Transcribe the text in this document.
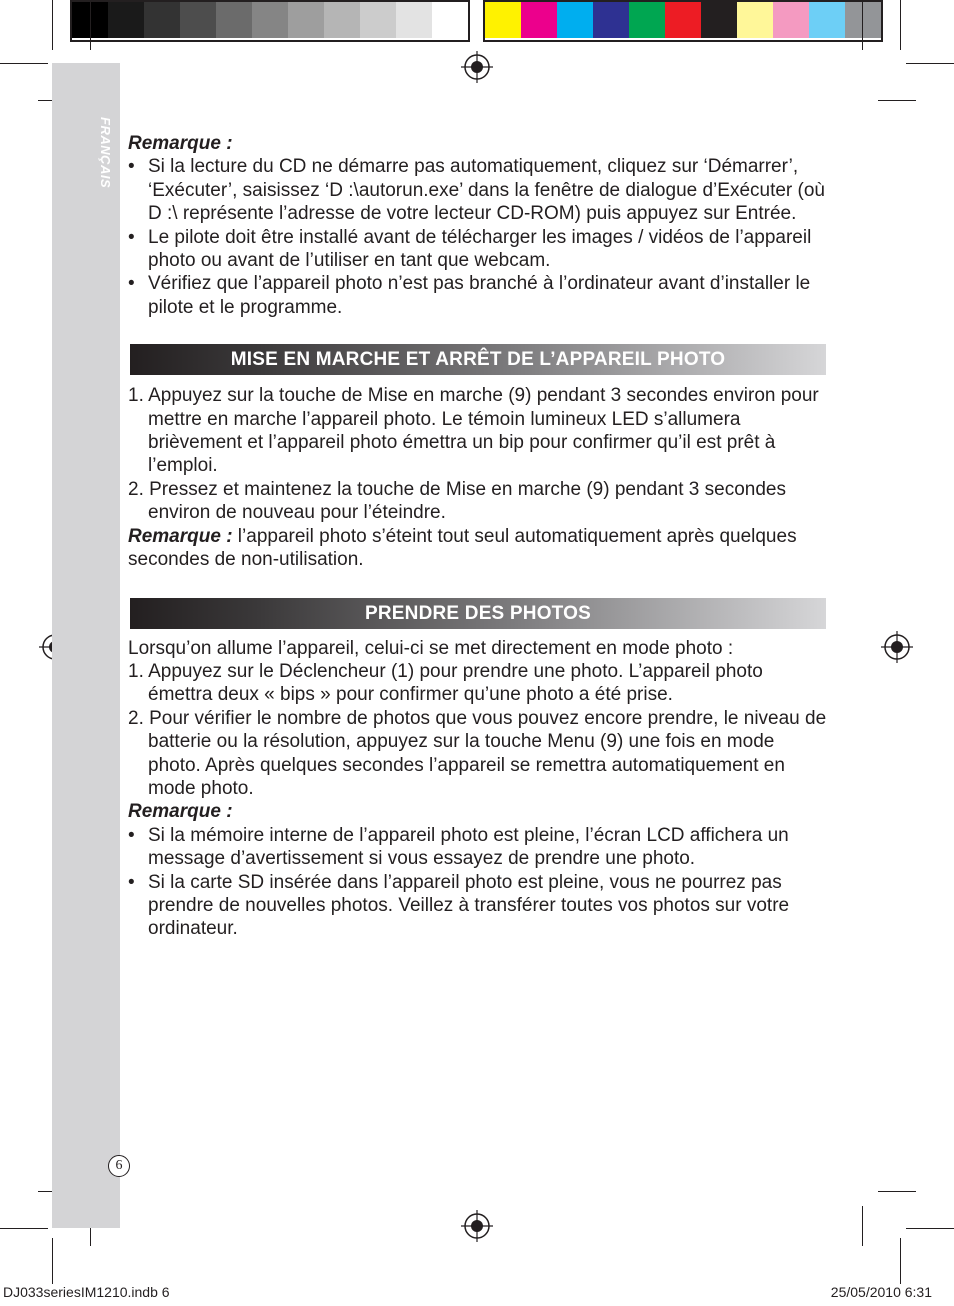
FRANÇAIS Remarque :

• Si la lecture du CD ne démarre pas automatiquement, cliquez sur ‘Démarrer’, ‘Exécuter’, saisissez ‘D :\autorun.exe’ dans la fenêtre de dialogue d’Exécuter (où D :\ représente l’adresse de votre lecteur CD-ROM) puis appuyez sur Entrée.
• Le pilote doit être installé avant de télécharger les images / vidéos de l’appareil photo ou avant de l’utiliser en tant que webcam.
• Vérifiez que l’appareil photo n’est pas branché à l’ordinateur avant d’installer le pilote et le programme.
MISE EN MARCHE ET ARRÊT DE L’APPAREIL PHOTO

1. Appuyez sur la touche de Mise en marche (9) pendant 3 secondes environ pour mettre en marche l’appareil photo. Le témoin lumineux LED s’allumera brièvement et l’appareil photo émettra un bip pour confirmer qu’il est prêt à l’emploi.

2. Pressez et maintenez la touche de Mise en marche (9) pendant 3 secondes environ de nouveau pour l’éteindre.

Remarque : l’appareil photo s’éteint tout seul automatiquement après quelques secondes de non-utilisation.

PRENDRE DES PHOTOS

Lorsqu’on allume l’appareil, celui-ci se met directement en mode photo :

1. Appuyez sur le Déclencheur (1) pour prendre une photo. L’appareil photo émettra deux « bips » pour confirmer qu’une photo a été prise.

2. Pour vérifier le nombre de photos que vous pouvez encore prendre, le niveau de batterie ou la résolution, appuyez sur la touche Menu (9) une fois en mode photo. Après quelques secondes l’appareil se remettra automatiquement en mode photo.

Remarque :

• Si la mémoire interne de l’appareil photo est pleine, l’écran LCD affichera un message d’avertissement si vous essayez de prendre une photo.
• Si la carte SD insérée dans l’appareil photo est pleine, vous ne pourrez pas prendre de nouvelles photos. Veillez à transférer toutes vos photos sur votre ordinateur.
6
DJ033seriesIM1210.indb 6	25/05/2010 6:31
